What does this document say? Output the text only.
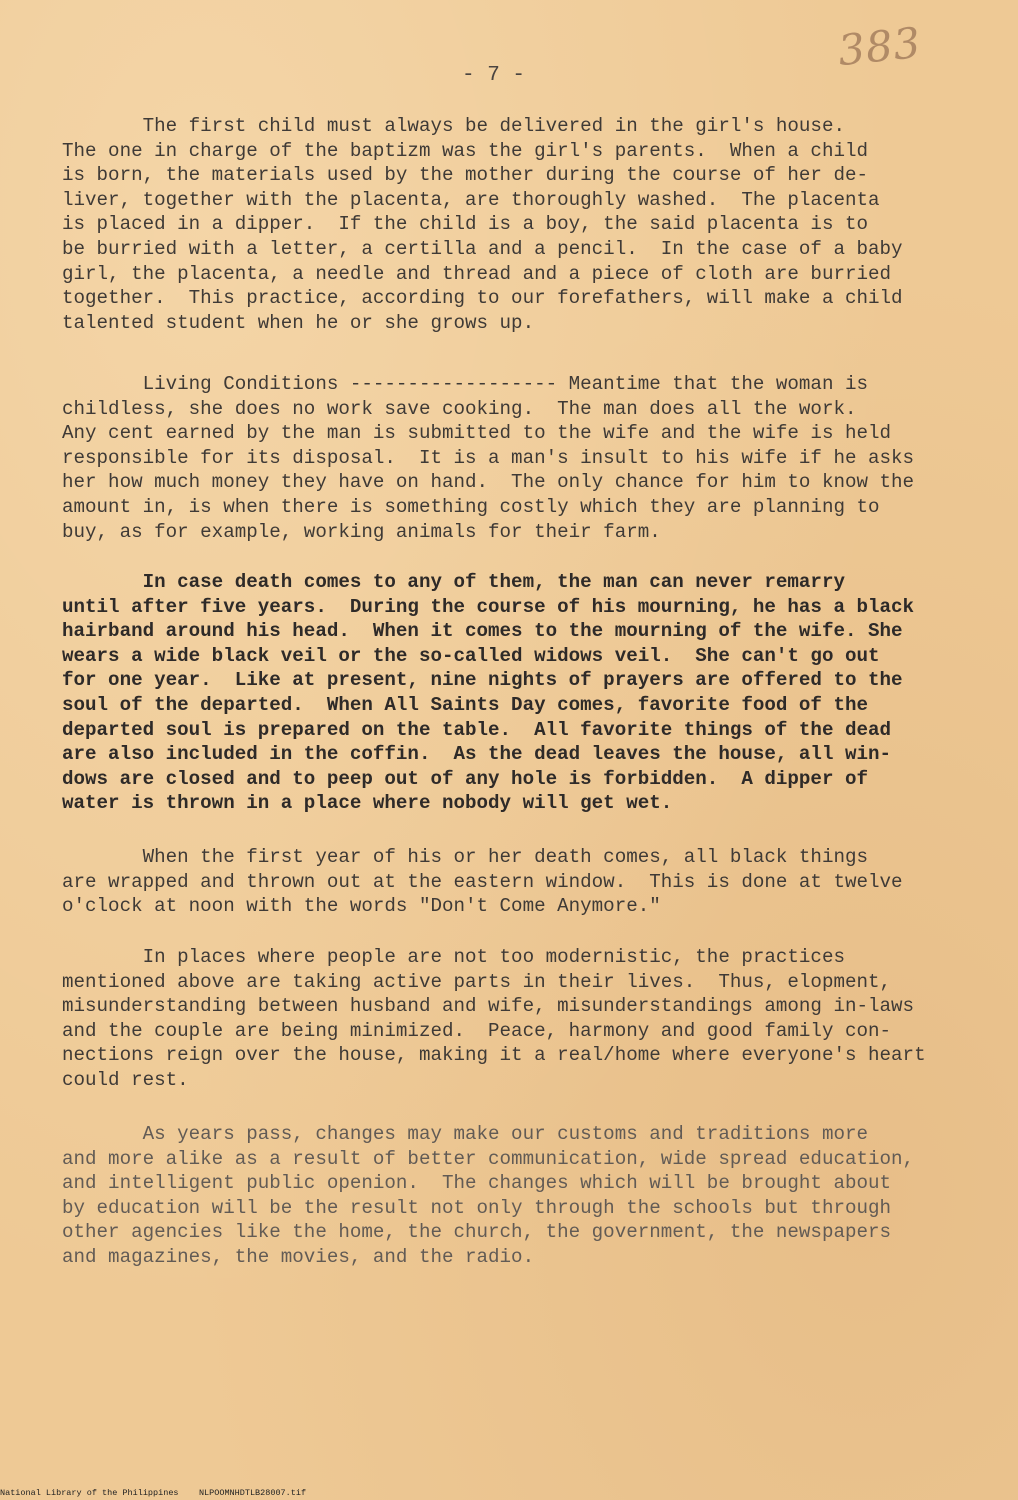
383
- 7 -
The first child must always be delivered in the girl's house.
The one in charge of the baptizm was the girl's parents.  When a child
is born, the materials used by the mother during the course of her de-
liver, together with the placenta, are thoroughly washed.  The placenta
is placed in a dipper.  If the child is a boy, the said placenta is to
be burried with a letter, a certilla and a pencil.  In the case of a baby
girl, the placenta, a needle and thread and a piece of cloth are burried
together.  This practice, according to our forefathers, will make a child
talented student when he or she grows up.
Living Conditions ------------------ Meantime that the woman is
childless, she does no work save cooking.  The man does all the work.
Any cent earned by the man is submitted to the wife and the wife is held
responsible for its disposal.  It is a man's insult to his wife if he asks
her how much money they have on hand.  The only chance for him to know the
amount in, is when there is something costly which they are planning to
buy, as for example, working animals for their farm.
In case death comes to any of them, the man can never remarry
until after five years.  During the course of his mourning, he has a black
hairband around his head.  When it comes to the mourning of the wife. She
wears a wide black veil or the so-called widows veil.  She can't go out
for one year.  Like at present, nine nights of prayers are offered to the
soul of the departed.  When All Saints Day comes, favorite food of the
departed soul is prepared on the table.  All favorite things of the dead
are also included in the coffin.  As the dead leaves the house, all win-
dows are closed and to peep out of any hole is forbidden.  A dipper of
water is thrown in a place where nobody will get wet.
When the first year of his or her death comes, all black things
are wrapped and thrown out at the eastern window.  This is done at twelve
o'clock at noon with the words "Don't Come Anymore."
In places where people are not too modernistic, the practices
mentioned above are taking active parts in their lives.  Thus, elopment,
misunderstanding between husband and wife, misunderstandings among in-laws
and the couple are being minimized.  Peace, harmony and good family con-
nections reign over the house, making it a real/home where everyone's heart
could rest.
As years pass, changes may make our customs and traditions more
and more alike as a result of better communication, wide spread education,
and intelligent public openion.  The changes which will be brought about
by education will be the result not only through the schools but through
other agencies like the home, the church, the government, the newspapers
and magazines, the movies, and the radio.
National Library of the Philippines NLPOOMNHDTLB28007.tif
